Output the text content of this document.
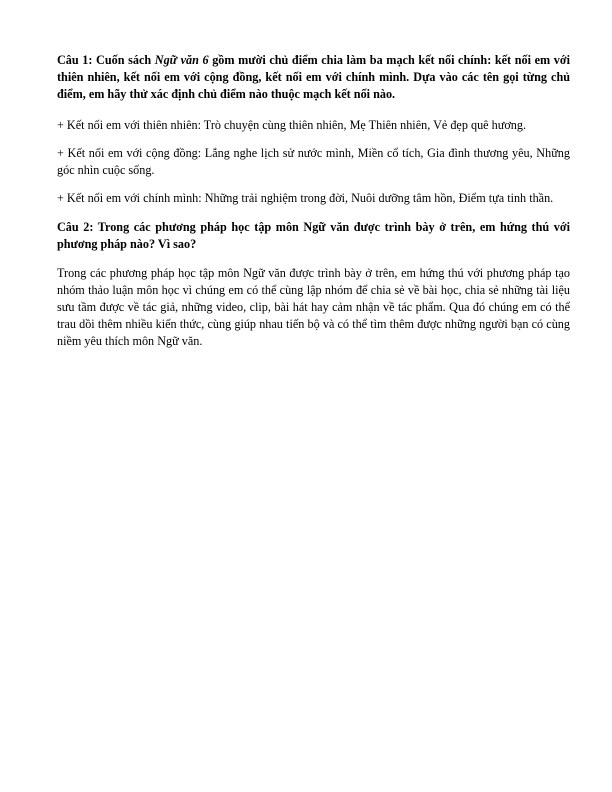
Câu 1: Cuốn sách Ngữ văn 6 gồm mười chủ điểm chia làm ba mạch kết nối chính: kết nối em với thiên nhiên, kết nối em với cộng đồng, kết nối em với chính mình. Dựa vào các tên gọi từng chủ điểm, em hãy thử xác định chủ điểm nào thuộc mạch kết nối nào.

+ Kết nối em với thiên nhiên: Trò chuyện cùng thiên nhiên, Mẹ Thiên nhiên, Vẻ đẹp quê hương.

+ Kết nối em với cộng đồng: Lắng nghe lịch sử nước mình, Miền cổ tích, Gia đình thương yêu, Những góc nhìn cuộc sống.

+ Kết nối em với chính mình: Những trải nghiệm trong đời, Nuôi dưỡng tâm hồn, Điểm tựa tinh thần.

Câu 2: Trong các phương pháp học tập môn Ngữ văn được trình bày ở trên, em hứng thú với phương pháp nào? Vì sao?

Trong các phương pháp học tập môn Ngữ văn được trình bày ở trên, em hứng thú với phương pháp tạo nhóm thảo luận môn học vì chúng em có thể cùng lập nhóm để chia sẻ về bài học, chia sẻ những tài liệu sưu tầm được về tác giả, những video, clip, bài hát hay cảm nhận về tác phẩm. Qua đó chúng em có thể trau dồi thêm nhiều kiến thức, cùng giúp nhau tiến bộ và có thể tìm thêm được những người bạn có cùng niềm yêu thích môn Ngữ văn.
